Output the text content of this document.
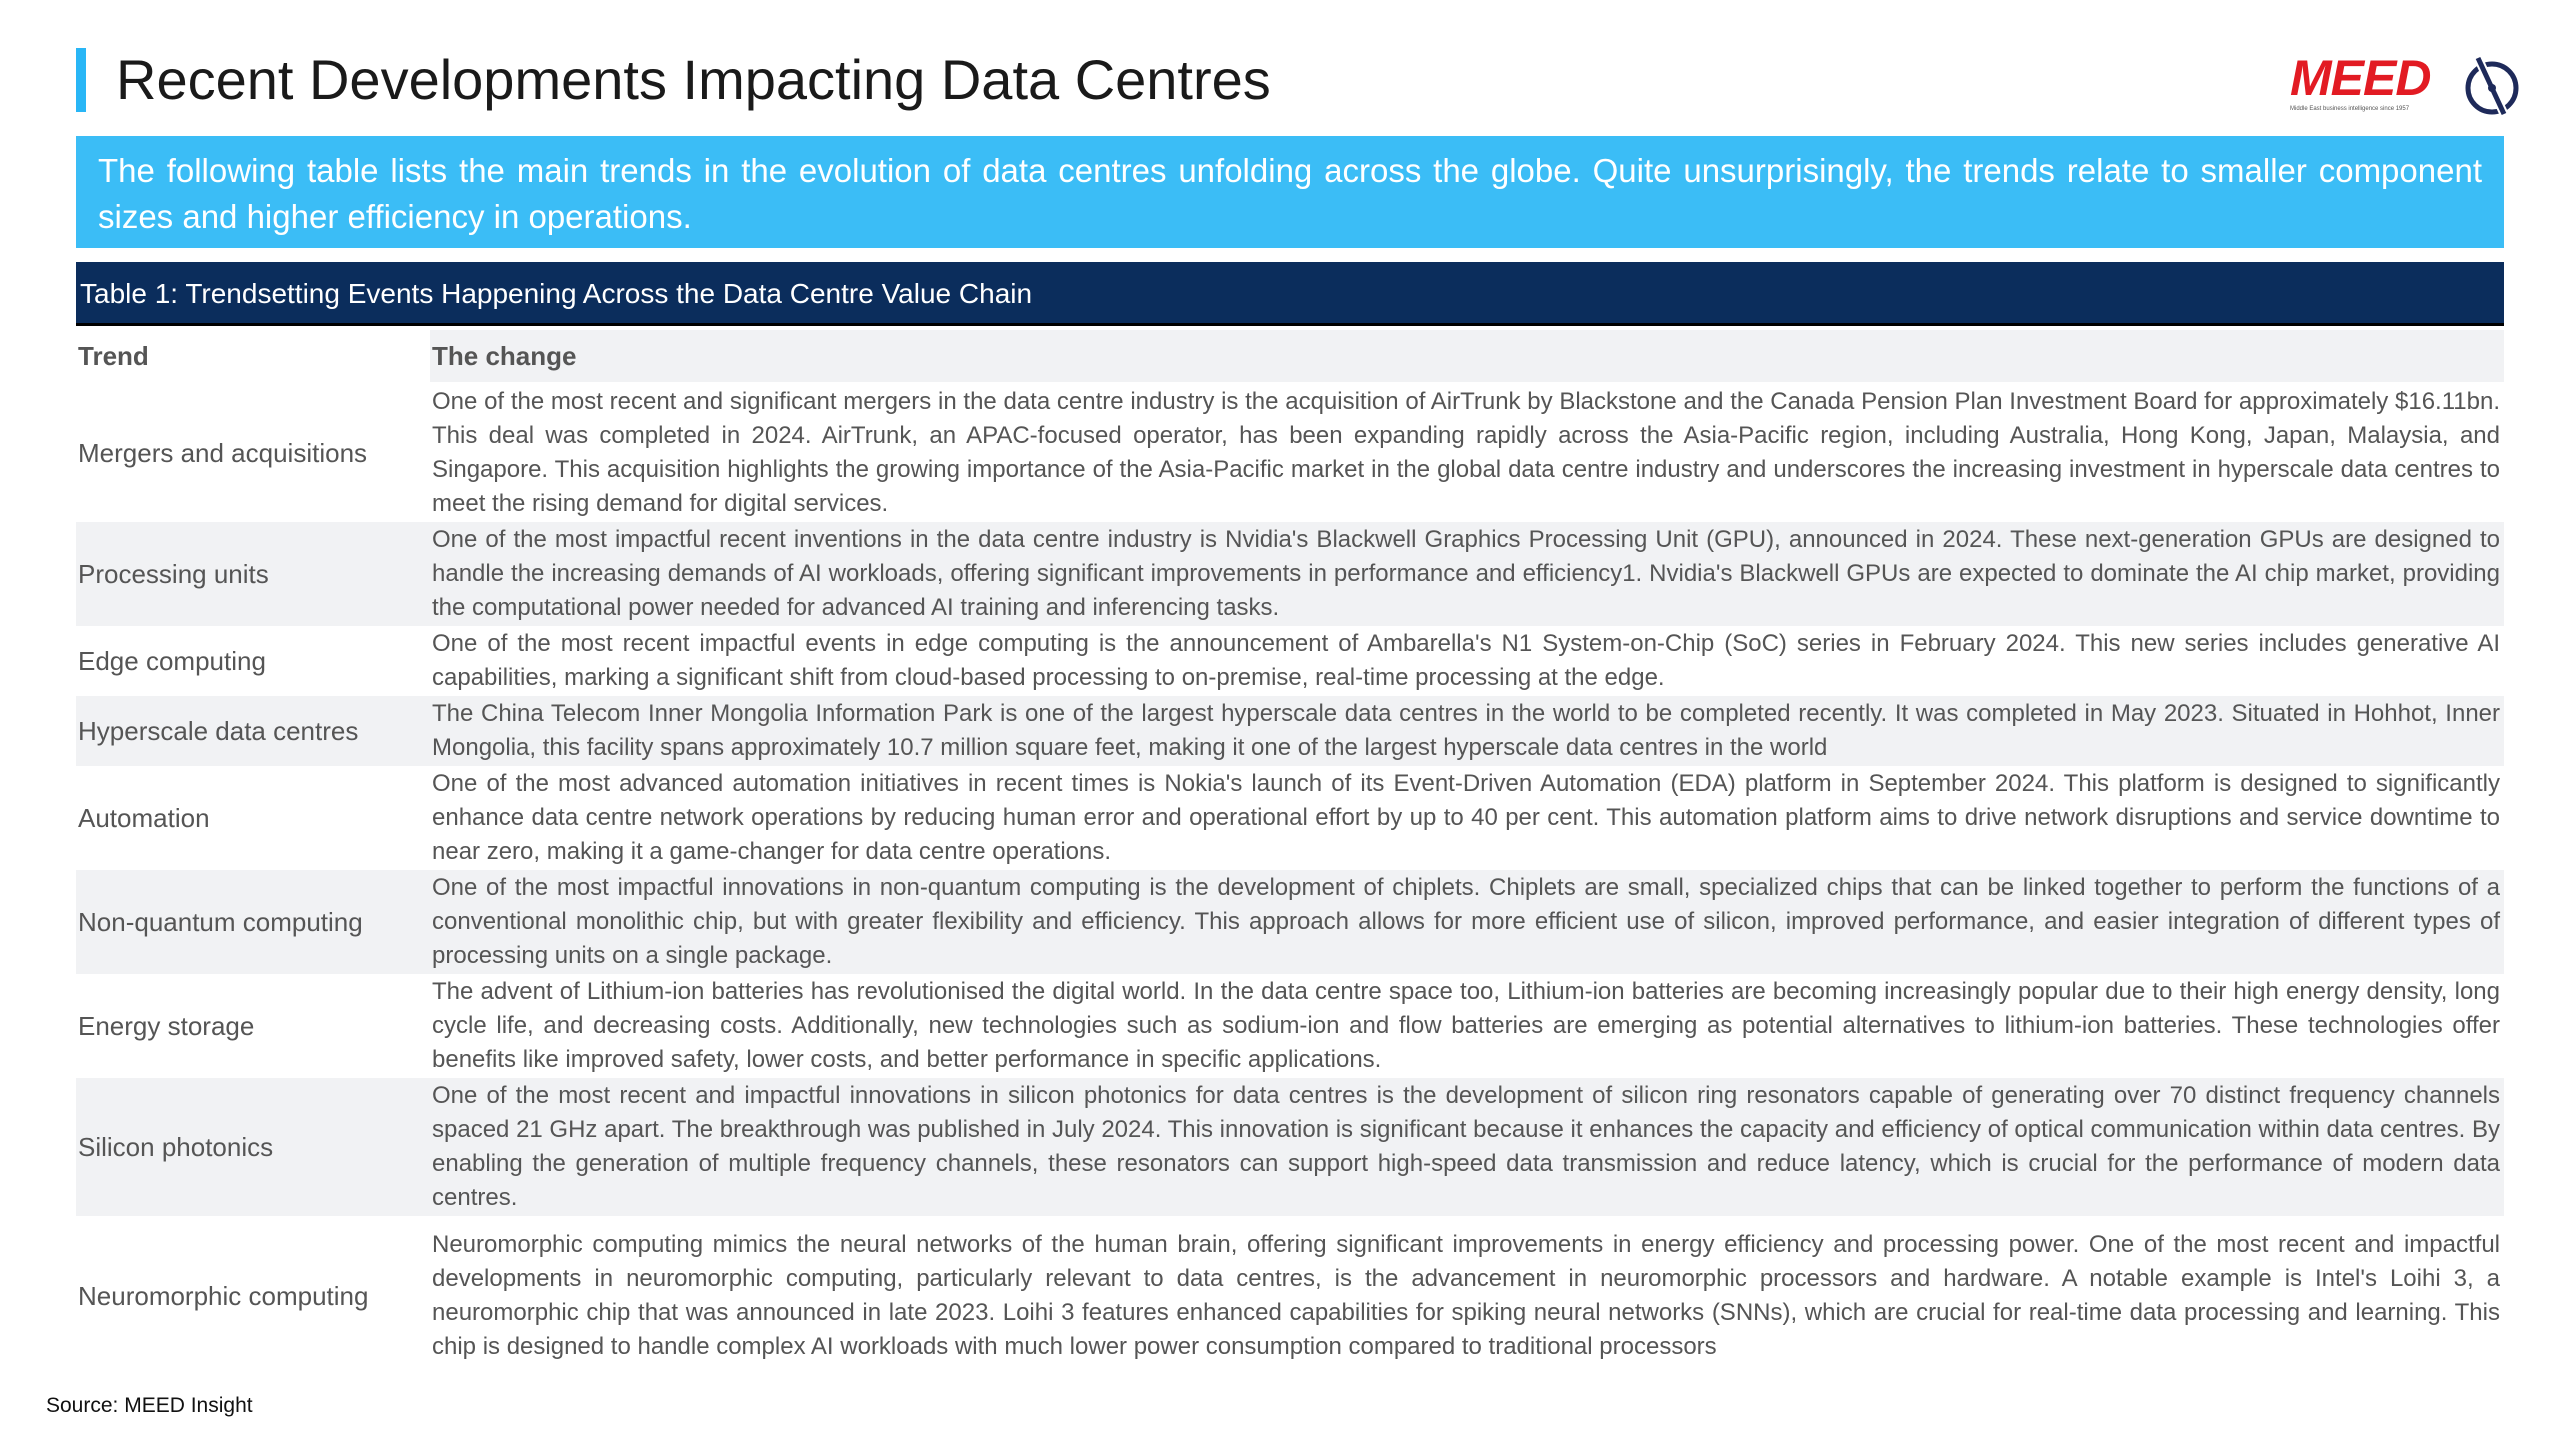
Recent Developments Impacting Data Centres	MEED
Middle East business intelligence since 1957
The following table lists the main trends in the evolution of data centres unfolding across the globe. Quite unsurprisingly, the trends relate to smaller component sizes and higher efficiency in operations.
Table 1: Trendsetting Events Happening Across the Data Centre Value Chain
Trend	The change
Mergers and acquisitions
One of the most recent and significant mergers in the data centre industry is the acquisition of AirTrunk by Blackstone and the Canada Pension Plan Investment Board for approximately $16.11bn. This deal was completed in 2024. AirTrunk, an APAC-focused operator, has been expanding rapidly across the Asia-Pacific region, including Australia, Hong Kong, Japan, Malaysia, and Singapore. This acquisition highlights the growing importance of the Asia-Pacific market in the global data centre industry and underscores the increasing investment in hyperscale data centres to meet the rising demand for digital services.
Processing units
One of the most impactful recent inventions in the data centre industry is Nvidia's Blackwell Graphics Processing Unit (GPU), announced in 2024. These next-generation GPUs are designed to handle the increasing demands of AI workloads, offering significant improvements in performance and efficiency1. Nvidia's Blackwell GPUs are expected to dominate the AI chip market, providing the computational power needed for advanced AI training and inferencing tasks.
Edge computing
One of the most recent impactful events in edge computing is the announcement of Ambarella's N1 System-on-Chip (SoC) series in February 2024. This new series includes generative AI capabilities, marking a significant shift from cloud-based processing to on-premise, real-time processing at the edge.
Hyperscale data centres
The China Telecom Inner Mongolia Information Park is one of the largest hyperscale data centres in the world to be completed recently. It was completed in May 2023. Situated in Hohhot, Inner Mongolia, this facility spans approximately 10.7 million square feet, making it one of the largest hyperscale data centres in the world
Automation
One of the most advanced automation initiatives in recent times is Nokia's launch of its Event-Driven Automation (EDA) platform in September 2024. This platform is designed to significantly enhance data centre network operations by reducing human error and operational effort by up to 40 per cent. This automation platform aims to drive network disruptions and service downtime to near zero, making it a game-changer for data centre operations.
Non-quantum computing
One of the most impactful innovations in non-quantum computing is the development of chiplets. Chiplets are small, specialized chips that can be linked together to perform the functions of a conventional monolithic chip, but with greater flexibility and efficiency. This approach allows for more efficient use of silicon, improved performance, and easier integration of different types of processing units on a single package.
Energy storage
The advent of Lithium-ion batteries has revolutionised the digital world. In the data centre space too, Lithium-ion batteries are becoming increasingly popular due to their high energy density, long cycle life, and decreasing costs. Additionally, new technologies such as sodium-ion and flow batteries are emerging as potential alternatives to lithium-ion batteries. These technologies offer benefits like improved safety, lower costs, and better performance in specific applications.
Silicon photonics
One of the most recent and impactful innovations in silicon photonics for data centres is the development of silicon ring resonators capable of generating over 70 distinct frequency channels spaced 21 GHz apart. The breakthrough was published in July 2024. This innovation is significant because it enhances the capacity and efficiency of optical communication within data centres. By enabling the generation of multiple frequency channels, these resonators can support high-speed data transmission and reduce latency, which is crucial for the performance of modern data centres.
Neuromorphic computing
Neuromorphic computing mimics the neural networks of the human brain, offering significant improvements in energy efficiency and processing power. One of the most recent and impactful developments in neuromorphic computing, particularly relevant to data centres, is the advancement in neuromorphic processors and hardware. A notable example is Intel's Loihi 3, a neuromorphic chip that was announced in late 2023. Loihi 3 features enhanced capabilities for spiking neural networks (SNNs), which are crucial for real-time data processing and learning. This chip is designed to handle complex AI workloads with much lower power consumption compared to traditional processors
Source: MEED Insight
